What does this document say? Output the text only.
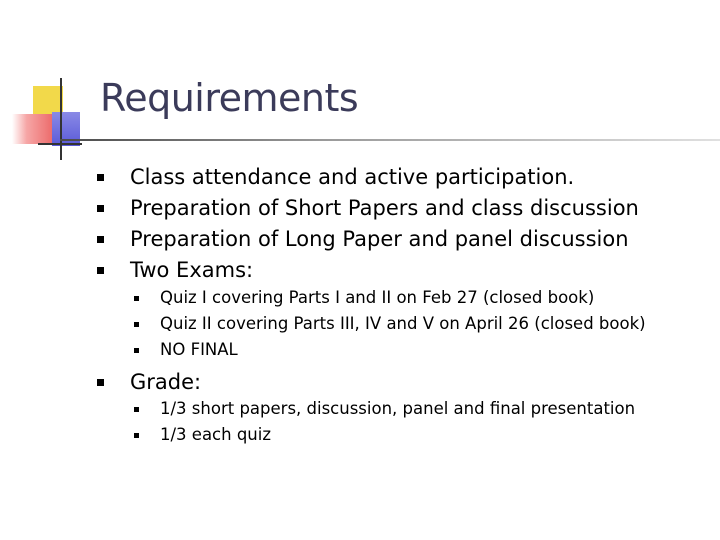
Requirements
Class attendance and active participation.
Preparation of Short Papers and class discussion
Preparation of Long Paper and panel discussion
Two Exams:
Quiz I covering Parts I and II on Feb 27 (closed book)
Quiz II covering Parts III, IV and V on April 26 (closed book)
NO FINAL
Grade:
1/3 short papers, discussion, panel and final presentation
1/3 each quiz
